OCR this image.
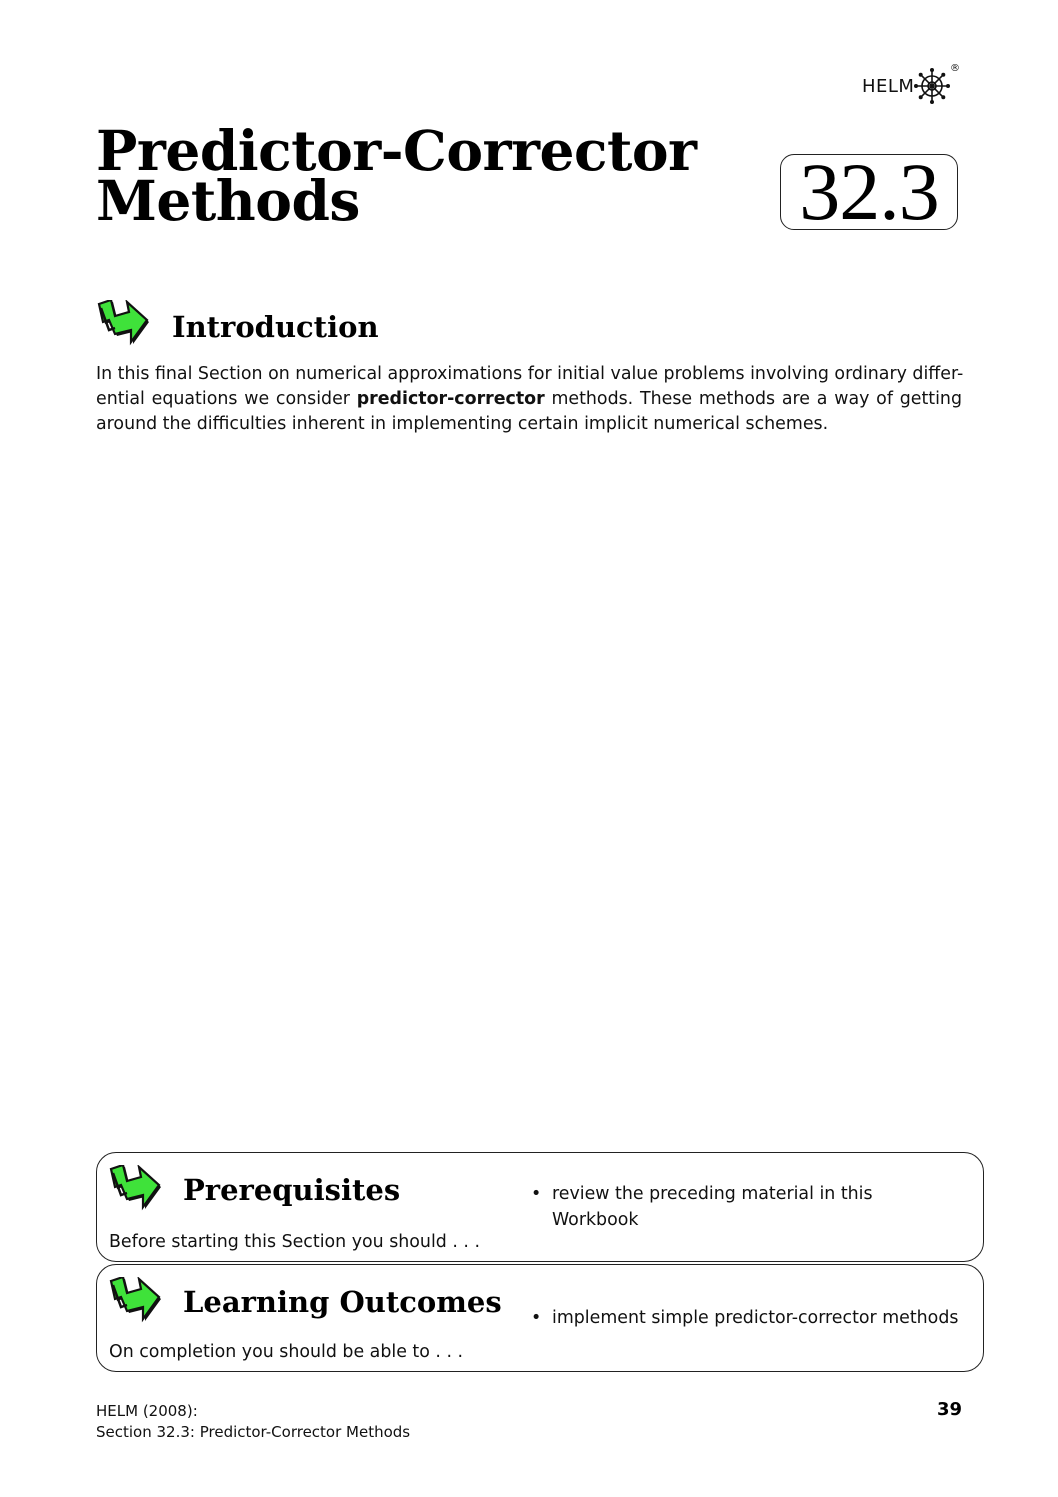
HELM
®
Predictor-Corrector
Methods	32.3
Introduction
In this final Section on numerical approximations for initial value problems involving ordinary differ-
ential equations we consider predictor-corrector methods. These methods are a way of getting
around the difficulties inherent in implementing certain implicit numerical schemes.
Prerequisites
Before starting this Section you should . . .
• review the preceding material in this
Workbook
Learning Outcomes
On completion you should be able to . . .
• implement simple predictor-corrector methods
HELM (2008):
Section 32.3: Predictor-Corrector Methods
39
